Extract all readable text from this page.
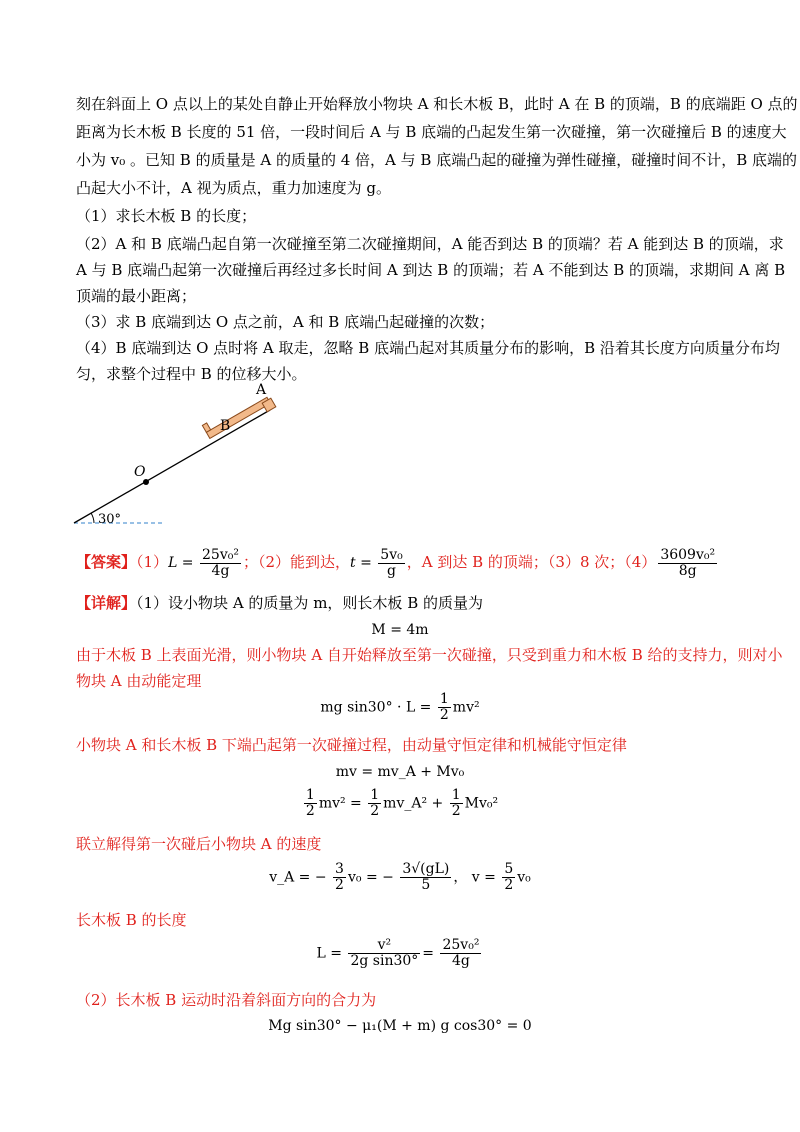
刻在斜面上 O 点以上的某处自静止开始释放小物块 A 和长木板 B，此时 A 在 B 的顶端，B 的底端距 O 点的
距离为长木板 B 长度的 51 倍，一段时间后 A 与 B 底端的凸起发生第一次碰撞，第一次碰撞后 B 的速度大
小为 v₀ 。已知 B 的质量是 A 的质量的 4 倍，A 与 B 底端凸起的碰撞为弹性碰撞，碰撞时间不计，B 底端的
凸起大小不计，A 视为质点，重力加速度为 g。
（1）求长木板 B 的长度；
（2）A 和 B 底端凸起自第一次碰撞至第二次碰撞期间，A 能否到达 B 的顶端？若 A 能到达 B 的顶端，求
A 与 B 底端凸起第一次碰撞后再经过多长时间 A 到达 B 的顶端；若 A 不能到达 B 的顶端，求期间 A 离 B
顶端的最小距离；
（3）求 B 底端到达 O 点之前，A 和 B 底端凸起碰撞的次数；
（4）B 底端到达 O 点时将 A 取走，忽略 B 底端凸起对其质量分布的影响，B 沿着其长度方向质量分布均
匀，求整个过程中 B 的位移大小。
30°
O
A
B
【答案】$(1)L = \frac{\text{25v₀²}}{4g}$ ；（2）能到达，$t = \frac{\text{5v₀}}{g}$ ，A 到达 B 的顶端；（3）8 次；$(4) \frac{\text{3609v₀²}}{8g}$
【详解】（1）设小物块 A 的质量为 m，则长木板 B 的质量为
M = 4m
由于木板 B 上表面光滑，则小物块 A 自开始释放至第一次碰撞，只受到重力和木板 B 给的支持力，则对小
物块 A 由动能定理
mg $\sin 30^\circ \cdot L = \frac{1}{2} mv^2$
小物块 A 和长木板 B 下端凸起第一次碰撞过程，由动量守恒定律和机械能守恒定律
mv = mv_A + Mv₀
$\frac{1}{2} mv^2 = \frac{1}{2}$ mv_A² + $\frac{1}{2} Mv_0^2$
联立解得第一次碰后小物块 A 的速度
v_A = − $\frac{3}{2} v_0$ = − $\frac{3√(gL)}{5}$ ， $v = \frac{5}{2} v_0$
长木板 B 的长度
$L = \frac{\text{v²}}{\text{2g sin30°}} = \frac{\text{25v₀²}}{4g}$
（2）长木板 B 运动时沿着斜面方向的合力为
Mg sin30° − μ₁(M + m) g cos30° = 0
